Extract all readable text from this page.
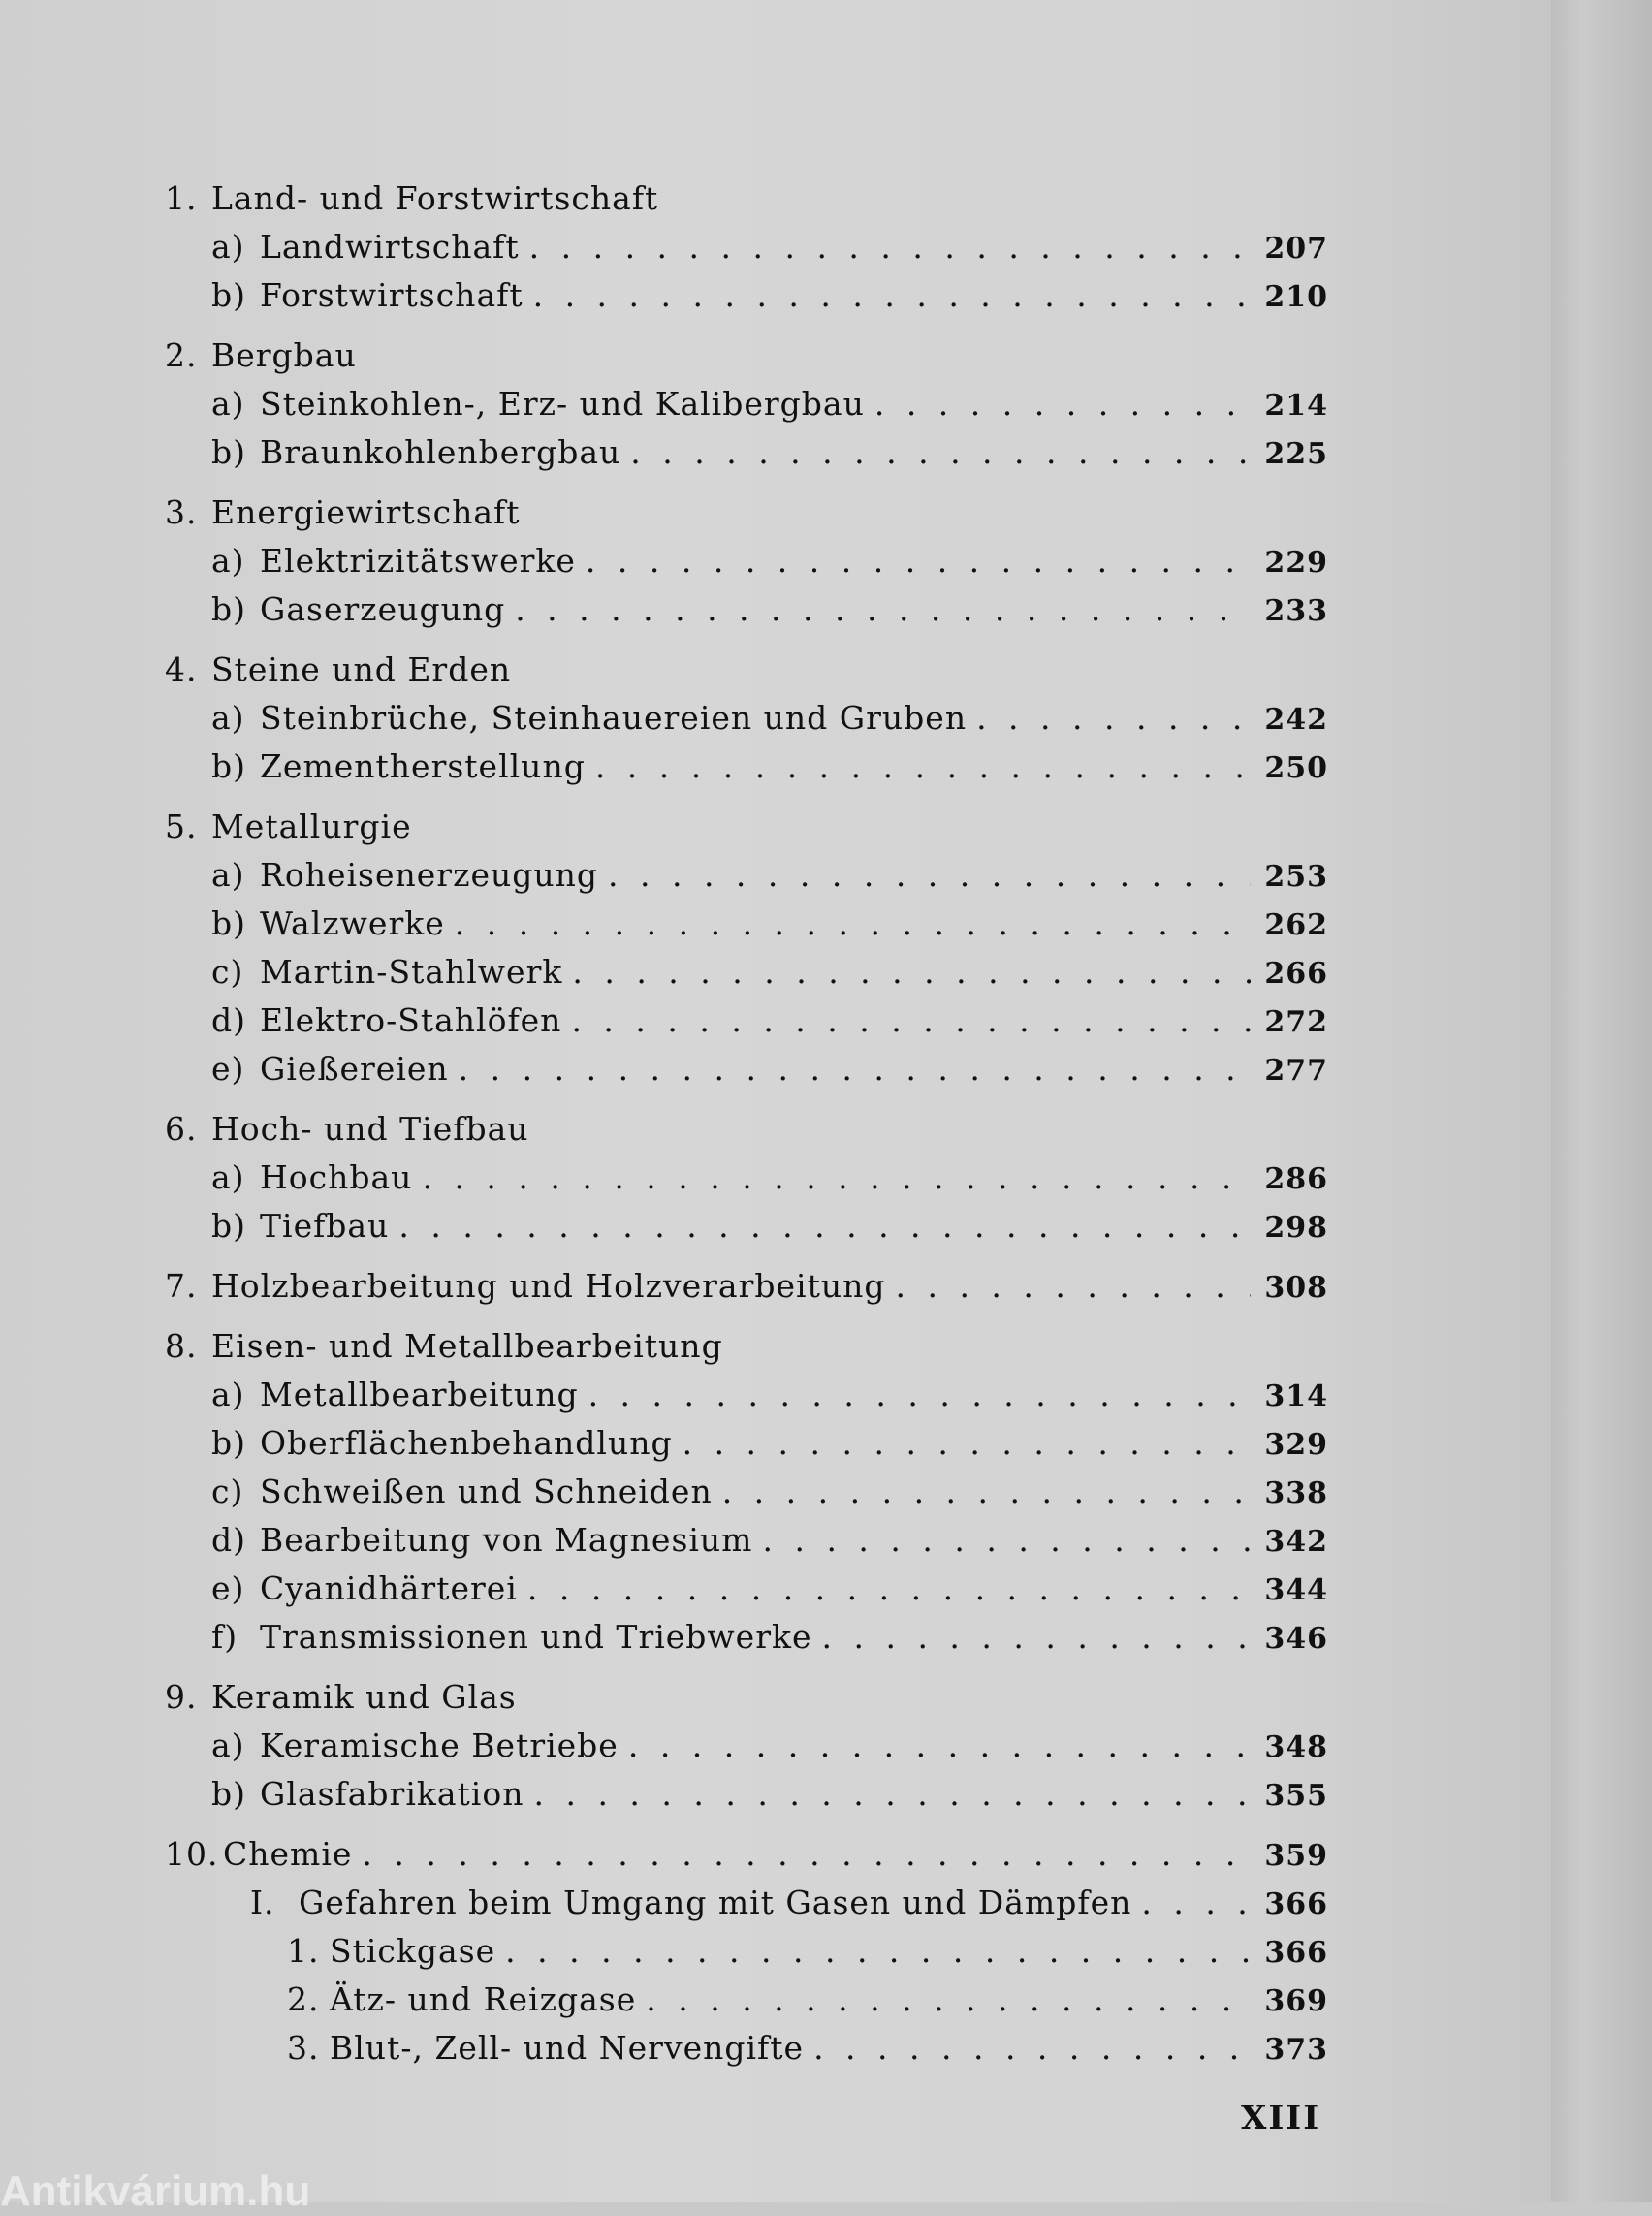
1. Land- und Forstwirtschaft
a) Landwirtschaft . . .	207
b) Forstwirtschaft . . .	210
2. Bergbau
a) Steinkohlen-, Erz- und Kalibergbau . . .	214
b) Braunkohlenbergbau . . .	225
3. Energiewirtschaft
a) Elektrizitätswerke . . .	229
b) Gaserzeugung . . .	233
4. Steine und Erden
a) Steinbrüche, Steinhauereien und Gruben . . .	242
b) Zementherstellung . . .	250
5. Metallurgie
a) Roheisenerzeugung . . .	253
b) Walzwerke . . .	262
c) Martin-Stahlwerk . . .	266
d) Elektro-Stahlöfen . . .	272
e) Gießereien . . .	277
6. Hoch- und Tiefbau
a) Hochbau . . .	286
b) Tiefbau . . .	298
7. Holzbearbeitung und Holzverarbeitung . . .	308
8. Eisen- und Metallbearbeitung
a) Metallbearbeitung . . .	314
b) Oberflächenbehandlung . . .	329
c) Schweißen und Schneiden . . .	338
d) Bearbeitung von Magnesium . . .	342
e) Cyanidhärterei . . .	344
f) Transmissionen und Triebwerke . . .	346
9. Keramik und Glas
a) Keramische Betriebe . . .	348
b) Glasfabrikation . . .	355
10. Chemie . . .	359
I. Gefahren beim Umgang mit Gasen und Dämpfen . . .	366
1. Stickgase . . .	366
2. Ätz- und Reizgase . . .	369
3. Blut-, Zell- und Nervengifte . . .	373
XIII
Antikvárium.hu
